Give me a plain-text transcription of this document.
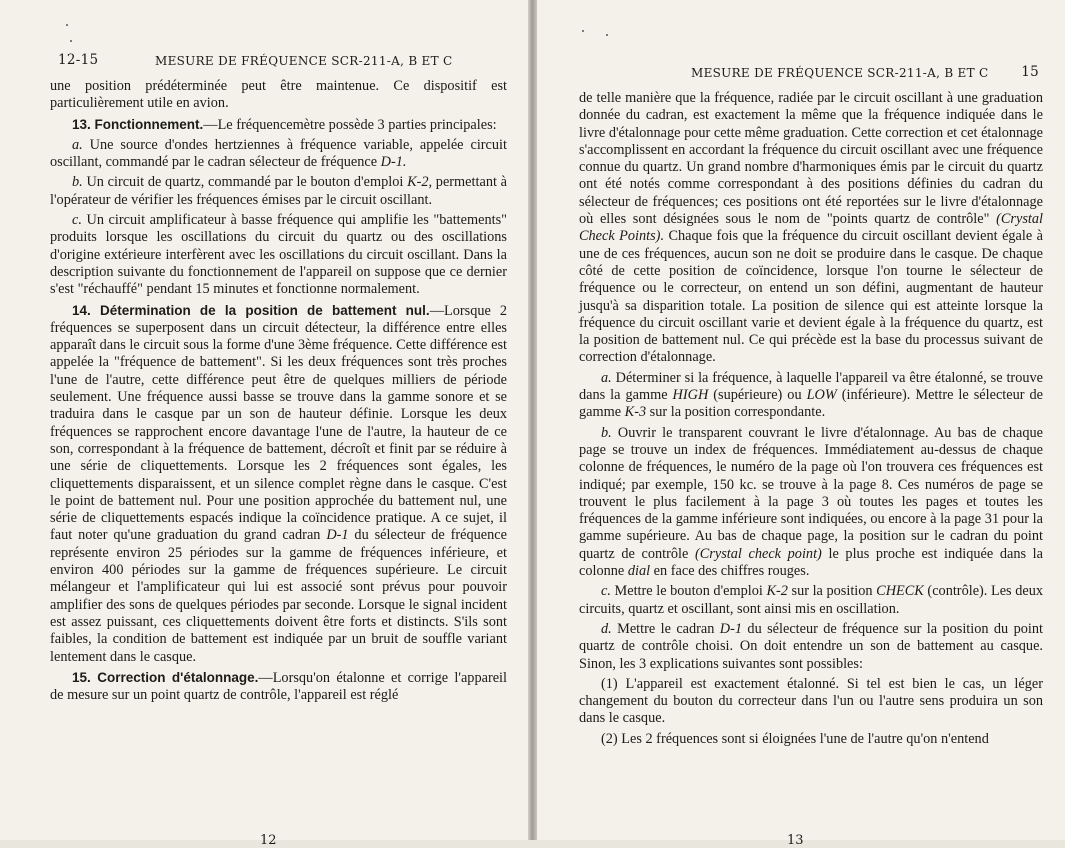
12-15	MESURE DE FRÉQUENCE SCR-211-A, B ET C

une position prédéterminée peut être maintenue. Ce dispositif est particulièrement utile en avion.

13. Fonctionnement.—Le fréquencemètre possède 3 parties principales:

a. Une source d'ondes hertziennes à fréquence variable, appelée circuit oscillant, commandé par le cadran sélecteur de fréquence D-1.

b. Un circuit de quartz, commandé par le bouton d'emploi K-2, permettant à l'opérateur de vérifier les fréquences émises par le circuit oscillant.

c. Un circuit amplificateur à basse fréquence qui amplifie les "battements" produits lorsque les oscillations du circuit du quartz ou des oscillations d'origine extérieure interfèrent avec les oscillations du circuit oscillant. Dans la description suivante du fonctionnement de l'appareil on suppose que ce dernier s'est "réchauffé" pendant 15 minutes et fonctionne normalement.

14. Détermination de la position de battement nul.—Lorsque 2 fréquences se superposent dans un circuit détecteur, la différence entre elles apparaît dans le circuit sous la forme d'une 3ème fréquence. Cette différence est appelée la "fréquence de battement". Si les deux fréquences sont très proches l'une de l'autre, cette différence peut être de quelques milliers de période seulement. Une fréquence aussi basse se trouve dans la gamme sonore et se traduira dans le casque par un son de hauteur définie. Lorsque les deux fréquences se rapprochent encore davantage l'une de l'autre, la hauteur de ce son, correspondant à la fréquence de battement, décroît et finit par se réduire à une série de cliquettements. Lorsque les 2 fréquences sont égales, les cliquettements disparaissent, et un silence complet règne dans le casque. C'est le point de battement nul. Pour une position approchée du battement nul, une série de cliquettements espacés indique la coïncidence pratique. A ce sujet, il faut noter qu'une graduation du grand cadran D-1 du sélecteur de fréquence représente environ 25 périodes sur la gamme de fréquences inférieure, et environ 400 périodes sur la gamme de fréquences supérieure. Le circuit mélangeur et l'amplificateur qui lui est associé sont prévus pour pouvoir amplifier des sons de quelques périodes par seconde. Lorsque le signal incident est assez puissant, ces cliquettements doivent être forts et distincts. S'ils sont faibles, la condition de battement est indiquée par un bruit de souffle variant lentement dans le casque.

15. Correction d'étalonnage.—Lorsqu'on étalonne et corrige l'appareil de mesure sur un point quartz de contrôle, l'appareil est réglé

12
MESURE DE FRÉQUENCE SCR-211-A, B ET C 15

de telle manière que la fréquence, radiée par le circuit oscillant à une graduation donnée du cadran, est exactement la même que la fréquence indiquée dans le livre d'étalonnage pour cette même graduation. Cette correction et cet étalonnage s'accomplissent en accordant la fréquence du circuit oscillant avec une fréquence connue du quartz. Un grand nombre d'harmoniques émis par le circuit du quartz ont été notés comme correspondant à des positions définies du cadran du sélecteur de fréquences; ces positions ont été reportées sur le livre d'étalonnage où elles sont désignées sous le nom de "points quartz de contrôle" (Crystal Check Points). Chaque fois que la fréquence du circuit oscillant devient égale à une de ces fréquences, aucun son ne doit se produire dans le casque. De chaque côté de cette position de coïncidence, lorsque l'on tourne le sélecteur de fréquence ou le correcteur, on entend un son défini, augmentant de hauteur jusqu'à sa disparition totale. La position de silence qui est atteinte lorsque la fréquence du circuit oscillant varie et devient égale à la fréquence du quartz, est la position de battement nul. Ce qui précède est la base du processus suivant de correction d'étalonnage.

a. Déterminer si la fréquence, à laquelle l'appareil va être étalonné, se trouve dans la gamme HIGH (supérieure) ou LOW (inférieure). Mettre le sélecteur de gamme K-3 sur la position correspondante.

b. Ouvrir le transparent couvrant le livre d'étalonnage. Au bas de chaque page se trouve un index de fréquences. Immédiatement au-dessus de chaque colonne de fréquences, le numéro de la page où l'on trouvera ces fréquences est indiqué; par exemple, 150 kc. se trouve à la page 8. Ces numéros de page se trouvent le plus facilement à la page 3 où toutes les pages et toutes les fréquences de la gamme inférieure sont indiquées, ou encore à la page 31 pour la gamme supérieure. Au bas de chaque page, la position sur le cadran du point quartz de contrôle (Crystal check point) le plus proche est indiquée dans la colonne dial en face des chiffres rouges.

c. Mettre le bouton d'emploi K-2 sur la position CHECK (contrôle). Les deux circuits, quartz et oscillant, sont ainsi mis en oscillation.

d. Mettre le cadran D-1 du sélecteur de fréquence sur la position du point quartz de contrôle choisi. On doit entendre un son de battement au casque. Sinon, les 3 explications suivantes sont possibles:

(1) L'appareil est exactement étalonné. Si tel est bien le cas, un léger changement du bouton du correcteur dans l'un ou l'autre sens produira un son dans le casque.

(2) Les 2 fréquences sont si éloignées l'une de l'autre qu'on n'entend

13
